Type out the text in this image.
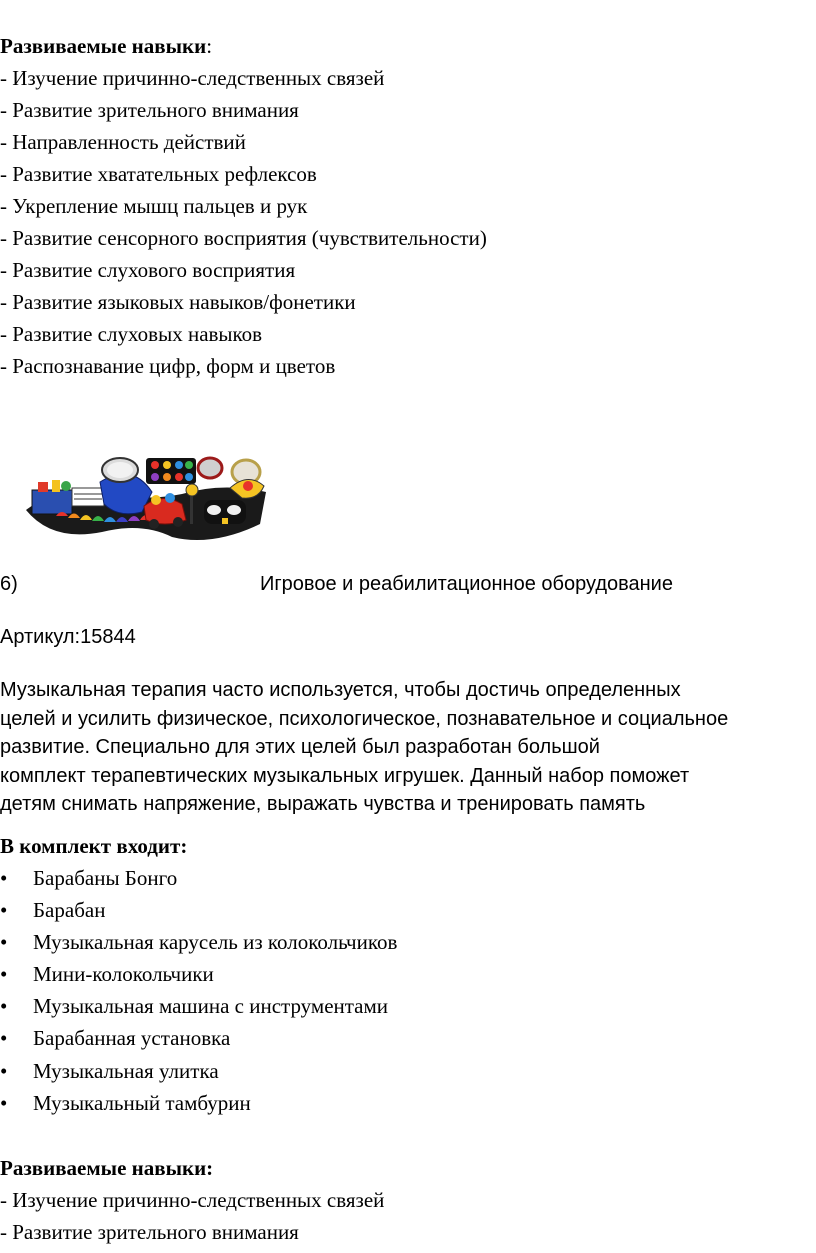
Развиваемые навыки:
- Изучение причинно-следственных связей
- Развитие зрительного внимания
- Направленность действий
- Развитие хватательных рефлексов
- Укрепление мышц пальцев и рук
- Развитие сенсорного восприятия (чувствительности)
- Развитие слухового восприятия
- Развитие языковых навыков/фонетики
- Развитие слуховых навыков
- Распознавание цифр, форм и цветов
6)	Игровое и реабилитационное оборудование
Артикул:15844
Музыкальная терапия часто используется, чтобы достичь определенных
целей и усилить физическое, психологическое, познавательное и социальное
развитие. Специально для этих целей был разработан большой
комплект терапевтических музыкальных игрушек. Данный набор поможет
детям снимать напряжение, выражать чувства и тренировать память
В комплект входит:
•	Барабаны Бонго
•	Барабан
•	Музыкальная карусель из колокольчиков
•	Мини-колокольчики
•	Музыкальная машина с инструментами
•	Барабанная установка
•	Музыкальная улитка
•	Музыкальный тамбурин
Развиваемые навыки:
- Изучение причинно-следственных связей
- Развитие зрительного внимания
